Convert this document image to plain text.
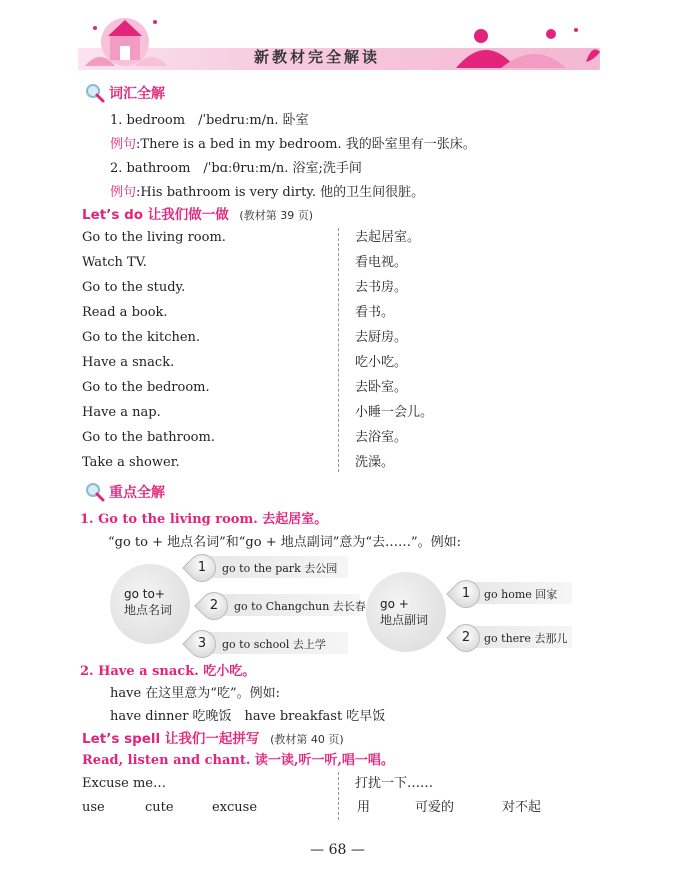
新教材完全解读
词汇全解
1. bedroom　/ˈbedruːm/n. 卧室
例句:There is a bed in my bedroom. 我的卧室里有一张床。
2. bathroom　/ˈbɑːθruːm/n. 浴室;洗手间
例句:His bathroom is very dirty. 他的卫生间很脏。
Let’s do 让我们做一做 (教材第 39 页)
Go to the living room.	去起居室。
Watch TV.	看电视。
Go to the study.	去书房。
Read a book.	看书。
Go to the kitchen.	去厨房。
Have a snack.	吃小吃。
Go to the bedroom.	去卧室。
Have a nap.	小睡一会儿。
Go to the bathroom.	去浴室。
Take a shower.	洗澡。
重点全解
1. Go to the living room. 去起居室。
“go to + 地点名词”和“go + 地点副词”意为“去……”。例如:
go to+
地点名词
1	go to the park 去公园
2	go to Changchun 去长春
3	go to school 去上学
go +
地点副词
1	go home 回家
2	go there 去那儿
2. Have a snack. 吃小吃。
have 在这里意为“吃”。例如:
have dinner 吃晚饭　have breakfast 吃早饭
Let’s spell 让我们一起拼写 (教材第 40 页)
Read, listen and chant. 读一读,听一听,唱一唱。
Excuse me…	打扰一下……
use	cute	excuse	用	可爱的	对不起
— 68 —
